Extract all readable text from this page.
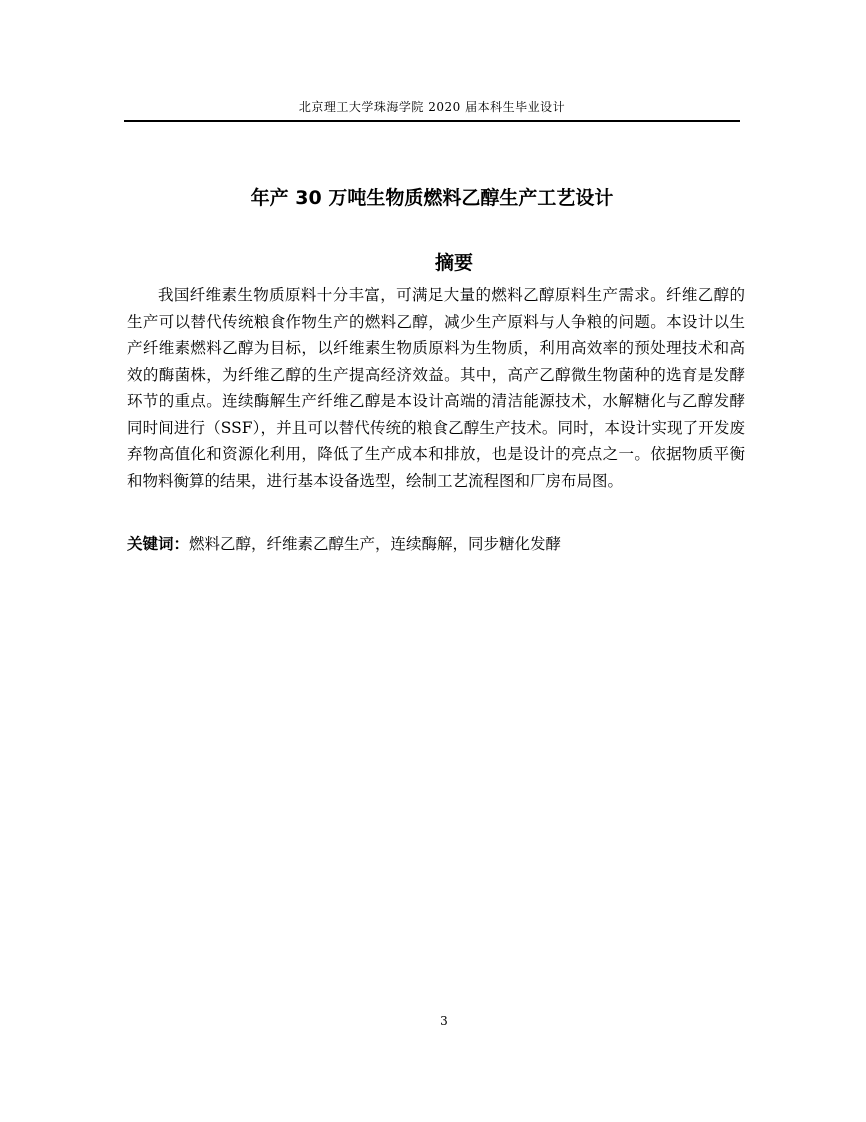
北京理工大学珠海学院 2020 届本科生毕业设计
年产 30 万吨生物质燃料乙醇生产工艺设计
摘要

我国纤维素生物质原料十分丰富，可满足大量的燃料乙醇原料生产需求。纤维乙醇的生产可以替代传统粮食作物生产的燃料乙醇，减少生产原料与人争粮的问题。本设计以生产纤维素燃料乙醇为目标，以纤维素生物质原料为生物质，利用高效率的预处理技术和高效的酶菌株，为纤维乙醇的生产提高经济效益。其中，高产乙醇微生物菌种的选育是发酵环节的重点。连续酶解生产纤维乙醇是本设计高端的清洁能源技术，水解糖化与乙醇发酵同时间进行（SSF），并且可以替代传统的粮食乙醇生产技术。同时，本设计实现了开发废弃物高值化和资源化利用，降低了生产成本和排放，也是设计的亮点之一。依据物质平衡和物料衡算的结果，进行基本设备选型，绘制工艺流程图和厂房布局图。

关键词：燃料乙醇，纤维素乙醇生产，连续酶解，同步糖化发酵
3
